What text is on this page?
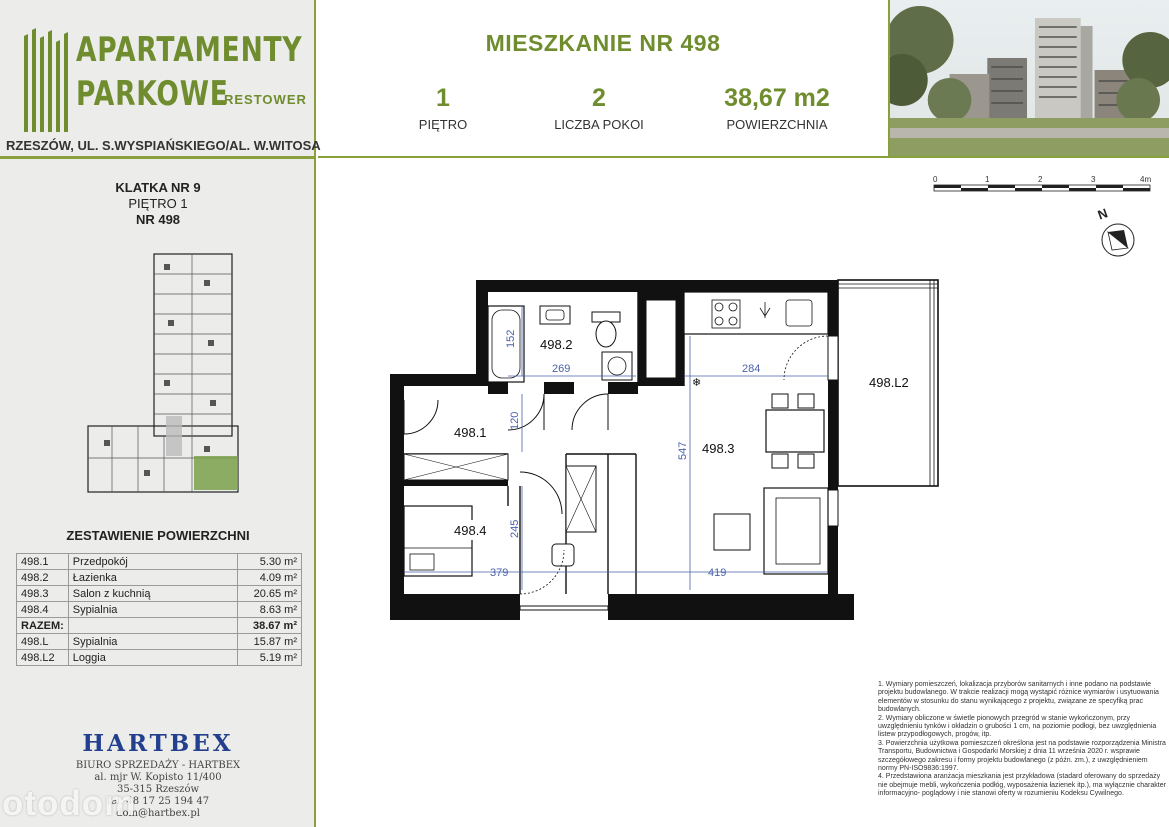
APARTAMENTY
PARKOWE
RESTOWER
RZESZÓW, UL. S.WYSPIAŃSKIEGO/AL. W.WITOSA
KLATKA NR 9
PIĘTRO 1
NR 498
ZESTAWIENIE POWIERZCHNI
498.1	Przedpokój	5.30 m²
498.2	Łazienka	4.09 m²
498.3	Salon z kuchnią	20.65 m²
498.4	Sypialnia	8.63 m²
RAZEM:		38.67 m²
498.L	Sypialnia	15.87 m²
498.L2	Loggia	5.19 m²
HARTBEX
BIURO SPRZEDAŻY - HARTBEX
al. mjr W. Kopisto 11/400
35-315 Rzeszów
tel. 48 17 25 194 47
dom@hartbex.pl
otodom
MIESZKANIE NR 498
1
PIĘTRO
2
LICZBA POKOI
38,67 m2
POWIERZCHNIA
0	1	2	3	4m
N
❄
498.2
498.1
498.3
498.4
498.L2
152
269	284
120
547
245
379	419

1. Wymiary pomieszczeń, lokalizacja przyborów sanitarnych i inne podano na podstawie projektu budowlanego. W trakcie realizacji mogą wystąpić różnice wymiarów i usytuowania elementów w stosunku do stanu wynikającego z projektu, związane ze specyfiką prac budowlanych.

2. Wymiary obliczone w świetle pionowych przegród w stanie wykończonym, przy uwzględnieniu tynków i okładzin o grubości 1 cm, na poziomie podłogi, bez uwzględnienia listew przypodłogowych, progów, itp.

3. Powierzchnia użytkowa pomieszczeń określona jest na podstawie rozporządzenia Ministra Transportu, Budownictwa i Gospodarki Morskiej z dnia 11 września 2020 r. wsprawie szczegółowego zakresu i formy projektu budowlanego (z późn. zm.), z uwzględnieniem normy PN-ISO9836:1997.

4. Przedstawiona aranżacja mieszkania jest przykładowa (stadard oferowany do sprzedaży nie obejmuje mebli, wykończenia podłóg, wyposażenia łazienek itp.), ma wyłącznie charakter informacyjno- poglądowy i nie stanowi oferty w rozumieniu Kodeksu Cywilnego.
